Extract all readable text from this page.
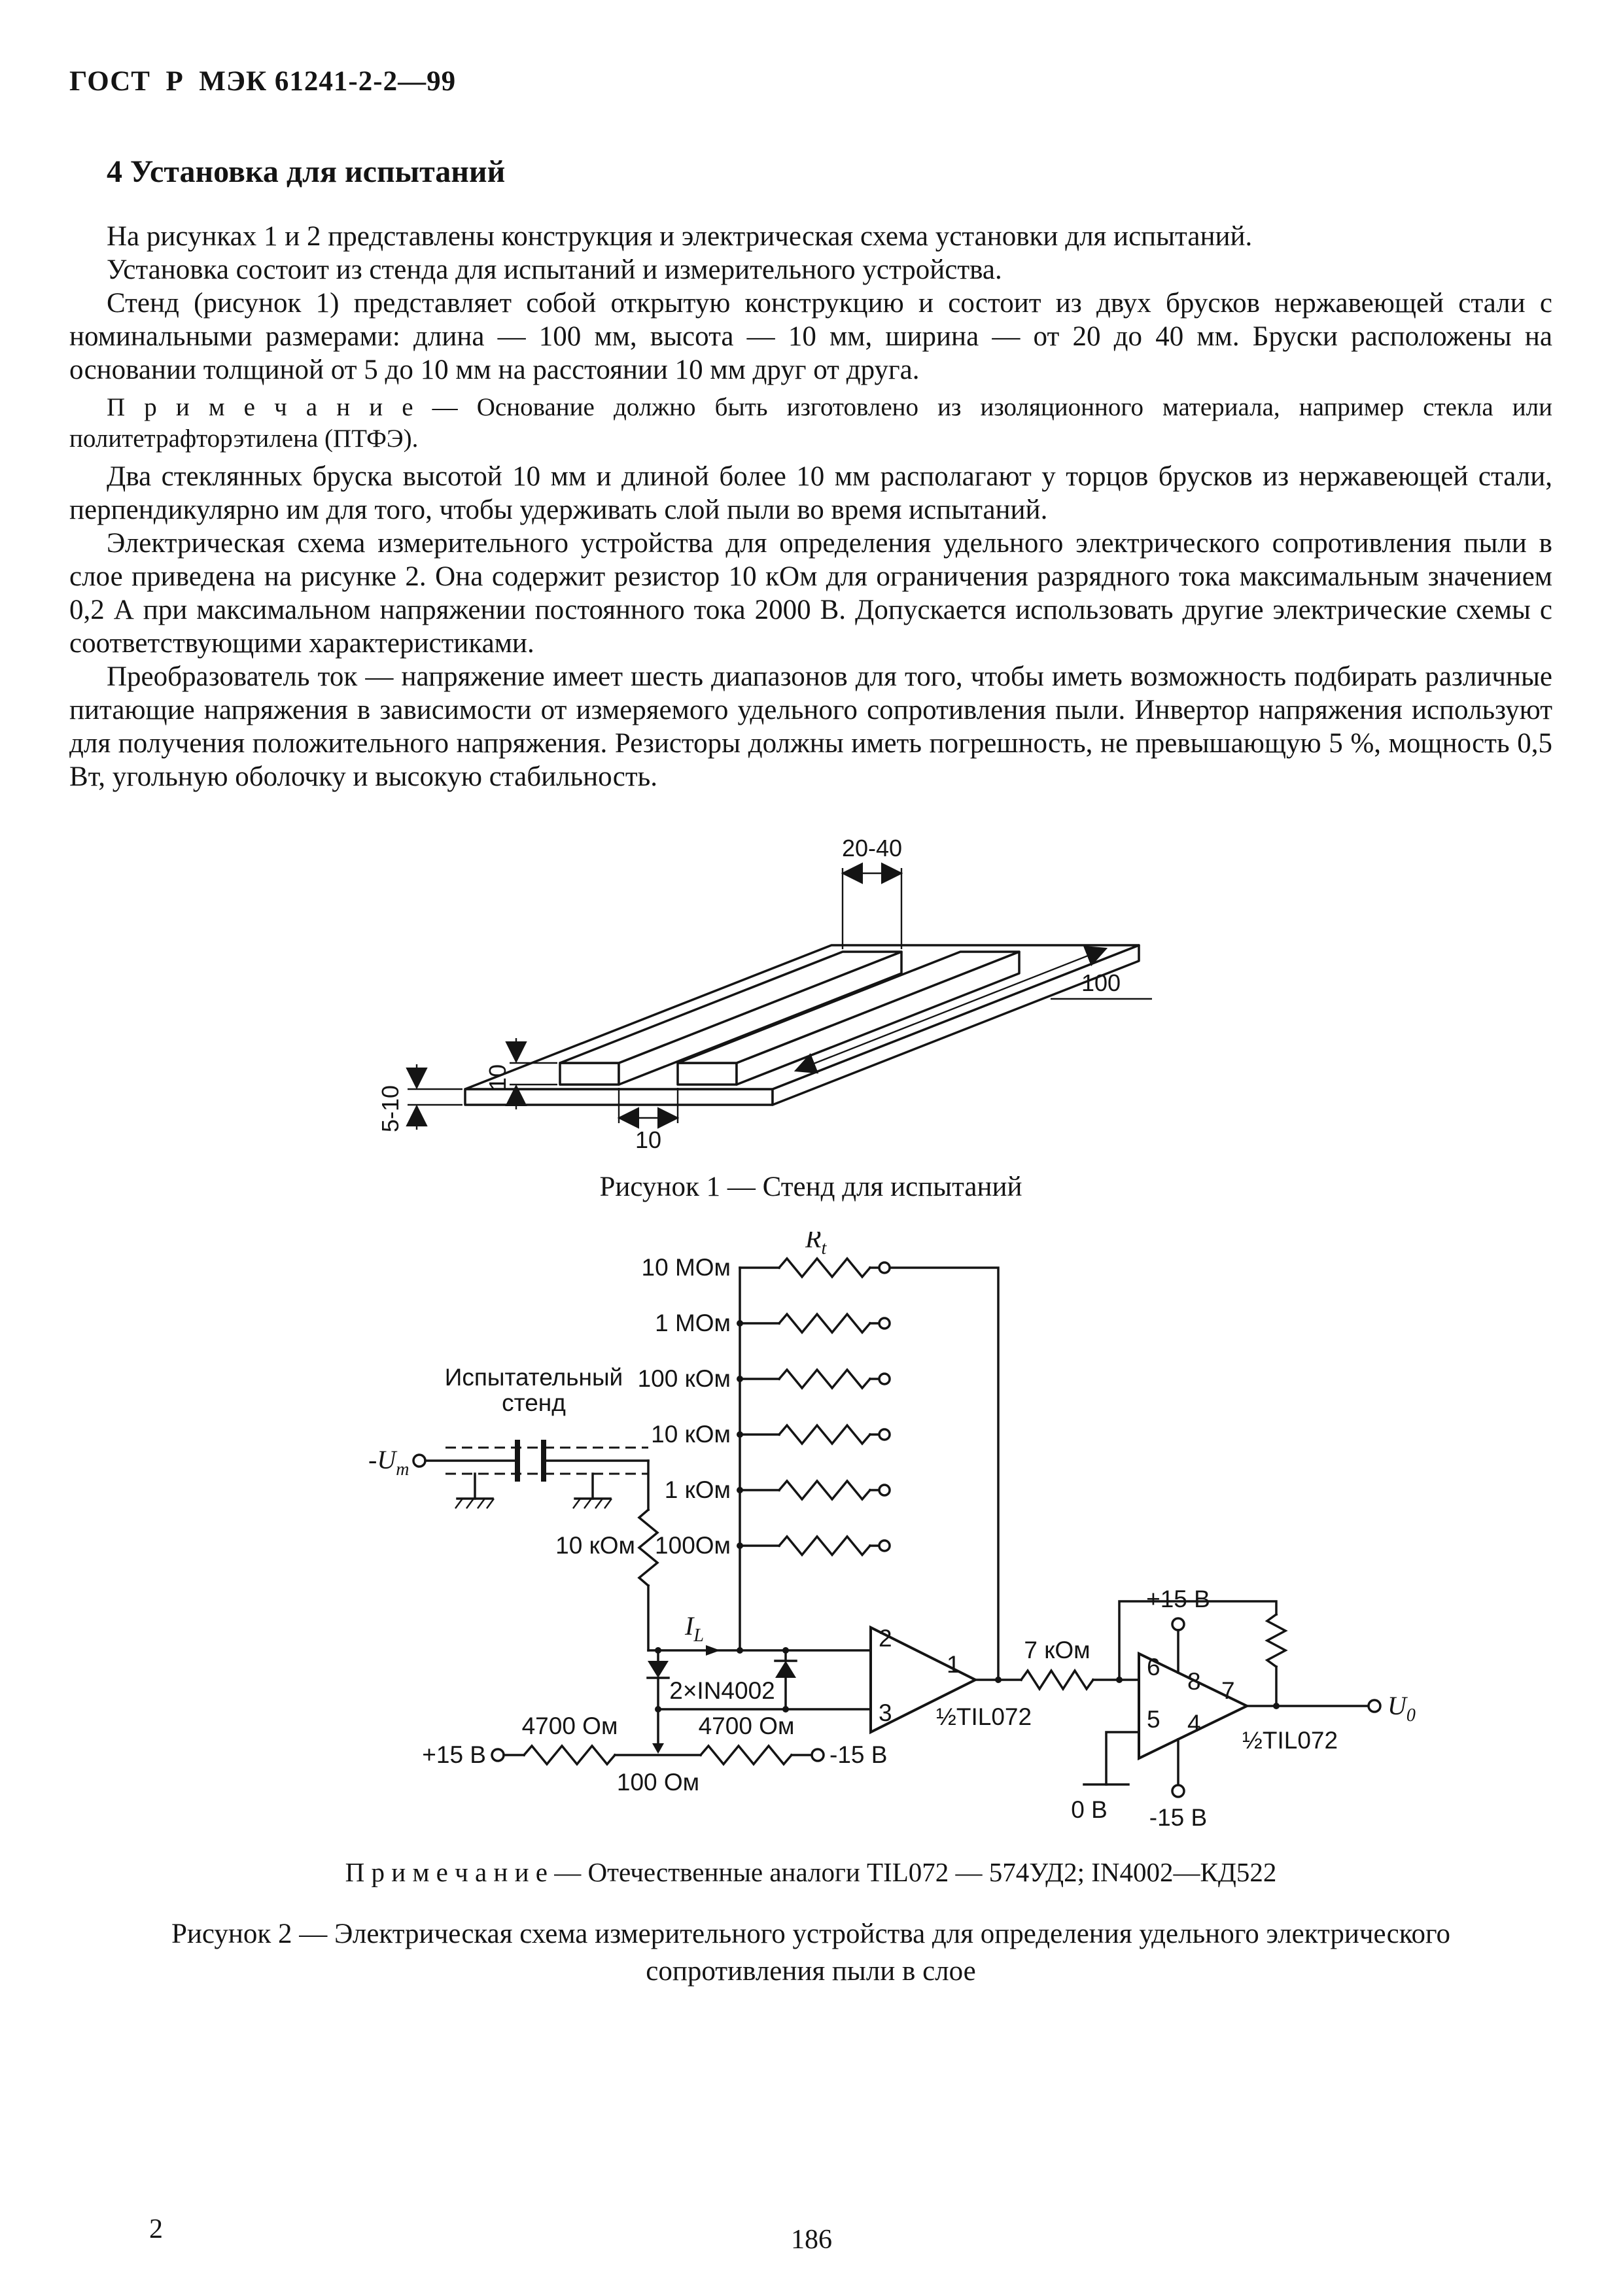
ГОСТ  Р  МЭК 61241-2-2—99
4 Установка для испытаний

На рисунках 1 и 2 представлены конструкция и электрическая схема установки для испытаний.

Установка состоит из стенда для испытаний и измерительного устройства.

Стенд (рисунок 1) представляет собой открытую конструкцию и состоит из двух брусков нержавеющей стали с номинальными размерами: длина — 100 мм, высота — 10 мм, ширина — от 20 до 40 мм. Бруски расположены на основании толщиной от 5 до 10 мм на расстоянии 10 мм друг от друга.

П р и м е ч а н и е — Основание должно быть изготовлено из изоляционного материала, например стекла или политетрафторэтилена (ПТФЭ).

Два стеклянных бруска высотой 10 мм и длиной более 10 мм располагают у торцов брусков из нержавеющей стали, перпендикулярно им для того, чтобы удерживать слой пыли во время испытаний.

Электрическая схема измерительного устройства для определения удельного электрического сопротивления пыли в слое приведена на рисунке 2. Она содержит резистор 10 кОм для ограничения разрядного тока максимальным значением 0,2 А при максимальном напряжении постоянного тока 2000 В. Допускается использовать другие электрические схемы с соответствующими характеристиками.

Преобразователь ток — напряжение имеет шесть диапазонов для того, чтобы иметь возможность подбирать различные питающие напряжения в зависимости от измеряемого удельного сопротивления пыли. Инвертор напряжения используют для получения положительного напряжения. Резисторы должны иметь погрешность, не превышающую 5 %, мощность 0,5 Вт, угольную оболочку и высокую стабильность.

20-40
100
10
5-10
10
Рисунок 1 — Стенд для испытаний
$R_t$
10 МОм
1 МОм
100 кОм
10 кОм
1 кОм
100Ом
Испытательный
стенд
$-U_т$
10 кОм
$I_L$
2×IN4002
+15 В	-15 В
4700 Ом	4700 Ом
100 Ом
2
3
1
½TIL072
7 кОм
6
5
8
4
7
½TIL072
+15 В
-15 В
0 В
$U_0$
П р и м е ч а н и е — Отечественные аналоги TIL072 — 574УД2; IN4002—КД522
Рисунок 2 — Электрическая схема измерительного устройства для определения удельного электрического сопротивления пыли в слое
2	186
